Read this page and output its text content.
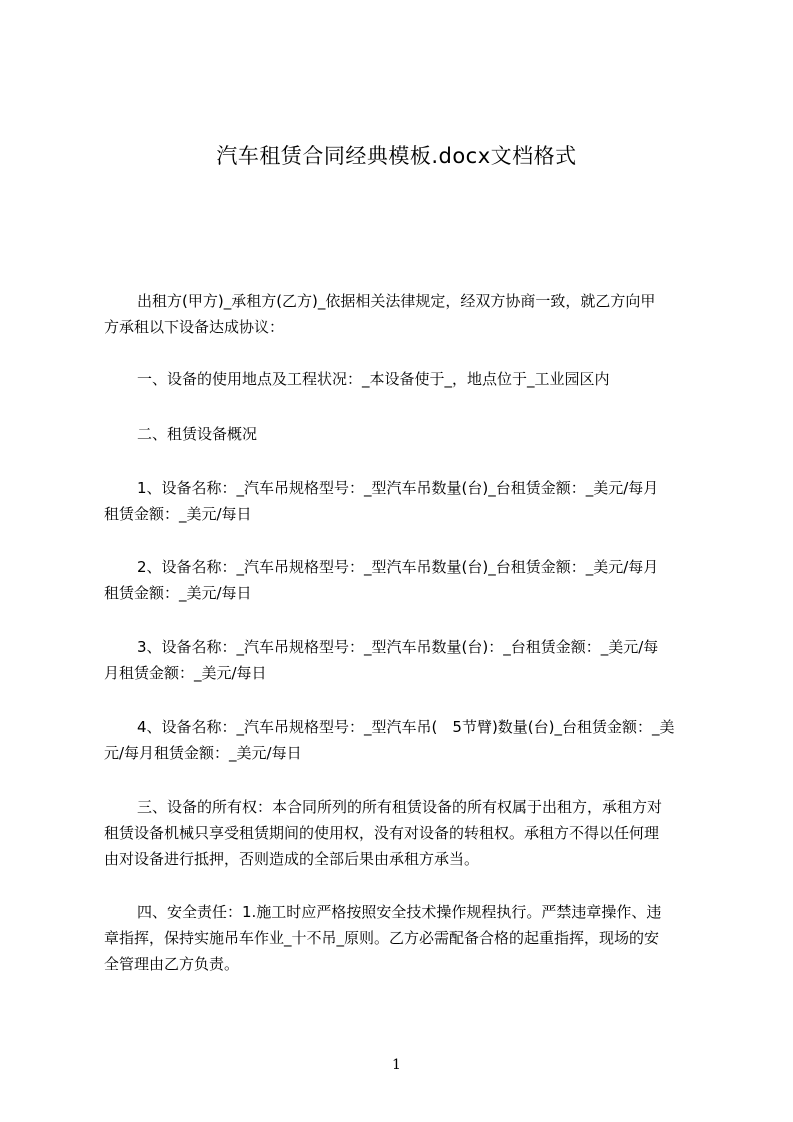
汽车租赁合同经典模板.docx文档格式

出租方(甲方)_承租方(乙方)_依据相关法律规定，经双方协商一致，就乙方向甲
方承租以下设备达成协议：

一、设备的使用地点及工程状况：_本设备使于_，地点位于_工业园区内

二、租赁设备概况

1、设备名称：_汽车吊规格型号：_型汽车吊数量(台)_台租赁金额：_美元/每月
租赁金额：_美元/每日

2、设备名称：_汽车吊规格型号：_型汽车吊数量(台)_台租赁金额：_美元/每月
租赁金额：_美元/每日

3、设备名称：_汽车吊规格型号：_型汽车吊数量(台)：_台租赁金额：_美元/每
月租赁金额：_美元/每日

4、设备名称：_汽车吊规格型号：_型汽车吊(　5节臂)数量(台)_台租赁金额：_美
元/每月租赁金额：_美元/每日

三、设备的所有权：本合同所列的所有租赁设备的所有权属于出租方，承租方对
租赁设备机械只享受租赁期间的使用权，没有对设备的转租权。承租方不得以任何理
由对设备进行抵押，否则造成的全部后果由承租方承当。

四、安全责任：1.施工时应严格按照安全技术操作规程执行。严禁违章操作、违
章指挥，保持实施吊车作业_十不吊_原则。乙方必需配备合格的起重指挥，现场的安
全管理由乙方负责。

1
